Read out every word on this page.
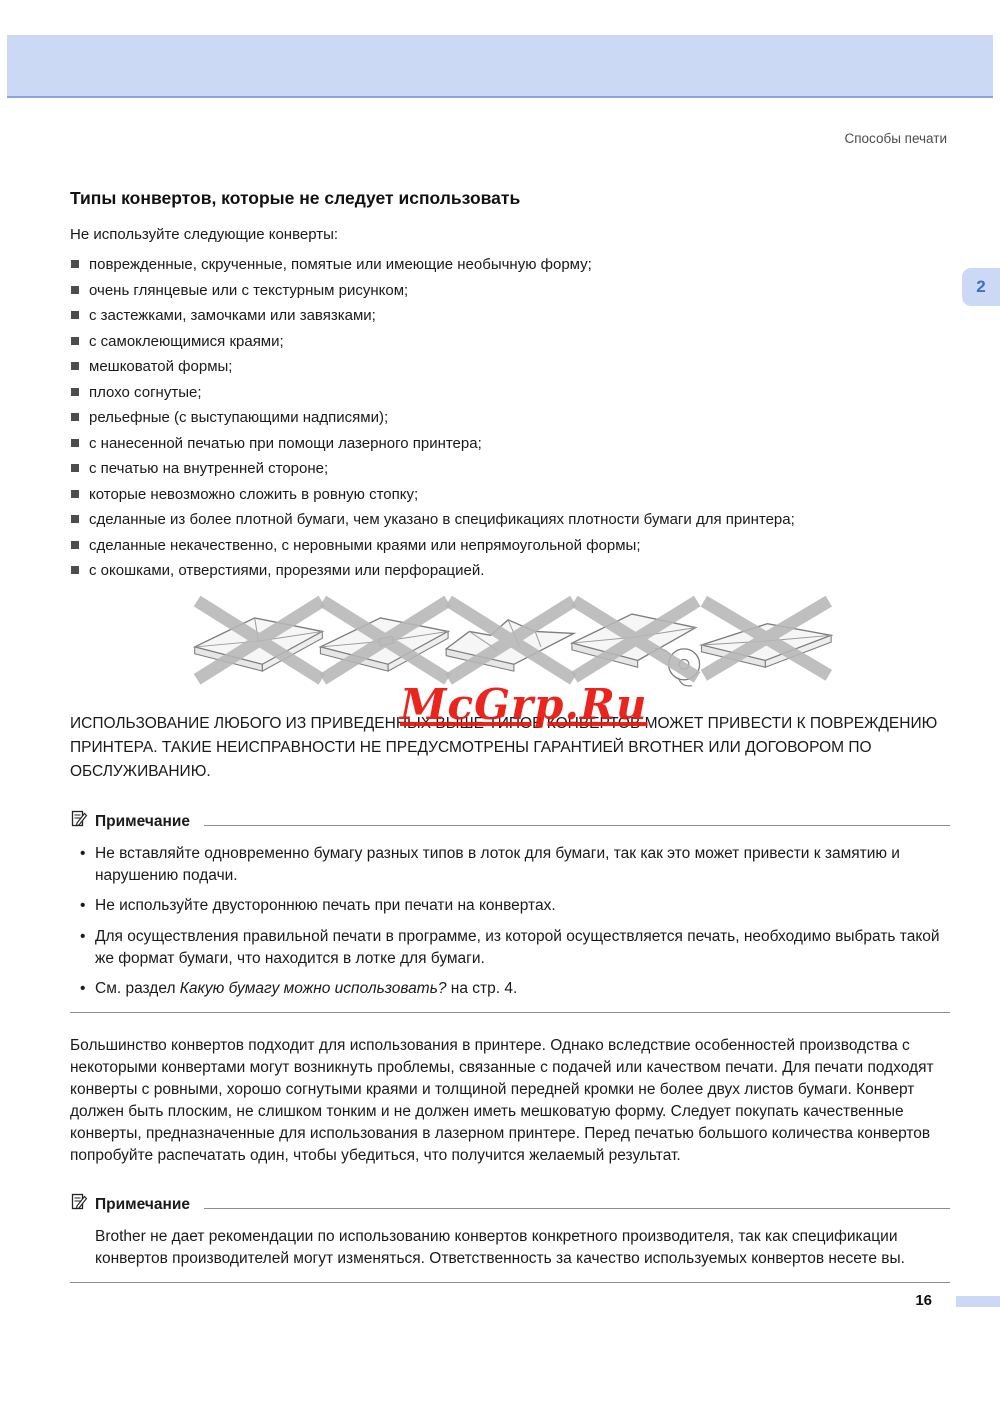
Способы печати
2
Типы конвертов, которые не следует использовать
Не используйте следующие конверты:
поврежденные, скрученные, помятые или имеющие необычную форму;
очень глянцевые или с текстурным рисунком;
с застежками, замочками или завязками;
с самоклеющимися краями;
мешковатой формы;
плохо согнутые;
рельефные (с выступающими надписями);
с нанесенной печатью при помощи лазерного принтера;
с печатью на внутренней стороне;
которые невозможно сложить в ровную стопку;
сделанные из более плотной бумаги, чем указано в спецификациях плотности бумаги для принтера;
сделанные некачественно, с неровными краями или непрямоугольной формы;
с окошками, отверстиями, прорезями или перфорацией.
ИСПОЛЬЗОВАНИЕ ЛЮБОГО ИЗ ПРИВЕДЕННЫХ ВЫШЕ ТИПОВ КОНВЕРТОВ МОЖЕТ ПРИВЕСТИ К ПОВРЕЖДЕНИЮ ПРИНТЕРА. ТАКИЕ НЕИСПРАВНОСТИ НЕ ПРЕДУСМОТРЕНЫ ГАРАНТИЕЙ BROTHER ИЛИ ДОГОВОРОМ ПО ОБСЛУЖИВАНИЮ.
Примечание
• Не вставляйте одновременно бумагу разных типов в лоток для бумаги, так как это может привести к замятию и нарушению подачи.
• Не используйте двустороннюю печать при печати на конвертах.
• Для осуществления правильной печати в программе, из которой осуществляется печать, необходимо выбрать такой же формат бумаги, что находится в лотке для бумаги.
• См. раздел Какую бумагу можно использовать? на стр. 4.
Большинство конвертов подходит для использования в принтере. Однако вследствие особенностей производства с некоторыми конвертами могут возникнуть проблемы, связанные с подачей или качеством печати. Для печати подходят конверты с ровными, хорошо согнутыми краями и толщиной передней кромки не более двух листов бумаги. Конверт должен быть плоским, не слишком тонким и не должен иметь мешковатую форму. Следует покупать качественные конверты, предназначенные для использования в лазерном принтере. Перед печатью большого количества конвертов попробуйте распечатать один, чтобы убедиться, что получится желаемый результат.
Примечание
Brother не дает рекомендации по использованию конвертов конкретного производителя, так как спецификации конвертов производителей могут изменяться. Ответственность за качество используемых конвертов несете вы.
McGrp.Ru
16
